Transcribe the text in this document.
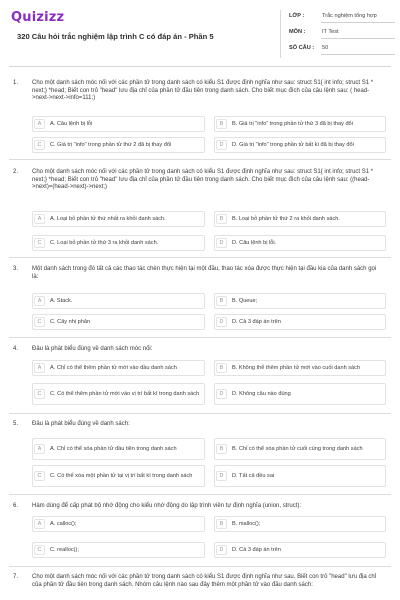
Quizizz
320 Câu hỏi trắc nghiệm lập trình C có đáp án - Phần 5
LỚP :	Trắc nghiệm tổng hợp
MÔN :	IT Test
SỐ CÂU : 50
1. Cho một danh sách móc nối với các phần tử trong danh sách có kiểu S1 được định nghĩa như sau: struct S1{ int info; struct S1 * next;} *head; Biết con trỏ "head" lưu địa chỉ của phần tử đầu tiên trong danh sách. Cho biết mục đích của câu lệnh sau: ( head->next->next->info=111;)
A	A. Câu lệnh bị lỗi	B	B. Giá trị "info" trong phần tử thứ 3 đã bị thay đổi
C	C. Giá trị "info" trong phần tử thứ 2 đã bị thay đổi	D	D. Giá trị "info" trong phần tử bất kì đã bị thay đổi
2. Cho một danh sách móc nối với các phần tử trong danh sách có kiểu S1 được định nghĩa như sau: struct S1{ int info; struct S1 * next;} *head; Biết con trỏ "head" lưu địa chỉ của phần tử đầu tiên trong danh sách. Cho biết mục đích của câu lệnh sau: ((head->next)=(head->next)->next;)
A	A. Loại bỏ phần tử thứ nhất ra khỏi danh sách.	B	B. Loại bỏ phần tử thứ 2 ra khỏi danh sách.
C	C. Loại bỏ phần tử thứ 3 ra khỏi danh sách.	D	D. Câu lệnh bị lỗi.
3. Một danh sách trong đó tất cả các thao tác chèn thực hiện tại một đầu, thao tác xóa được thực hiện tại đầu kia của danh sách gọi là:
A	A. Stack.	B	B. Queue;
C	C. Cây nhị phân	D	D. Cả 3 đáp án trên
4. Đâu là phát biểu đúng về danh sách móc nối:
A	A. Chỉ có thể thêm phần tử mới vào đầu danh sách	B	B. Không thể thêm phần tử mới vào cuối danh sách
C	C. Có thể thêm phần tử mới vào vị trí bất kì trong danh sách	D	D. Không câu nào đúng
5. Đâu là phát biểu đúng về danh sách:
A	A. Chỉ có thể xóa phần tử đầu tiên trong danh sách	B	B. Chỉ có thể xóa phần tử cuối cùng trong danh sách
C	C. Có thể xóa một phần tử tại vị trí bất kì trong danh sách	D	D. Tất cả đều sai
6. Hàm dùng để cấp phát bộ nhớ động cho kiểu nhớ động do lập trình viên tự định nghĩa (union, struct):
A	A. calloc();	B	B. malloc();
C	C. realloc();	D	D. Cả 3 đáp án trên
7. Cho một danh sách móc nối với các phần tử trong danh sách có kiểu S1 được định nghĩa như sau. Biết con trỏ "head" lưu địa chỉ của phần tử đầu tiên trong danh sách. Nhóm câu lệnh nào sau đây thêm một phần tử vào đầu danh sách:
